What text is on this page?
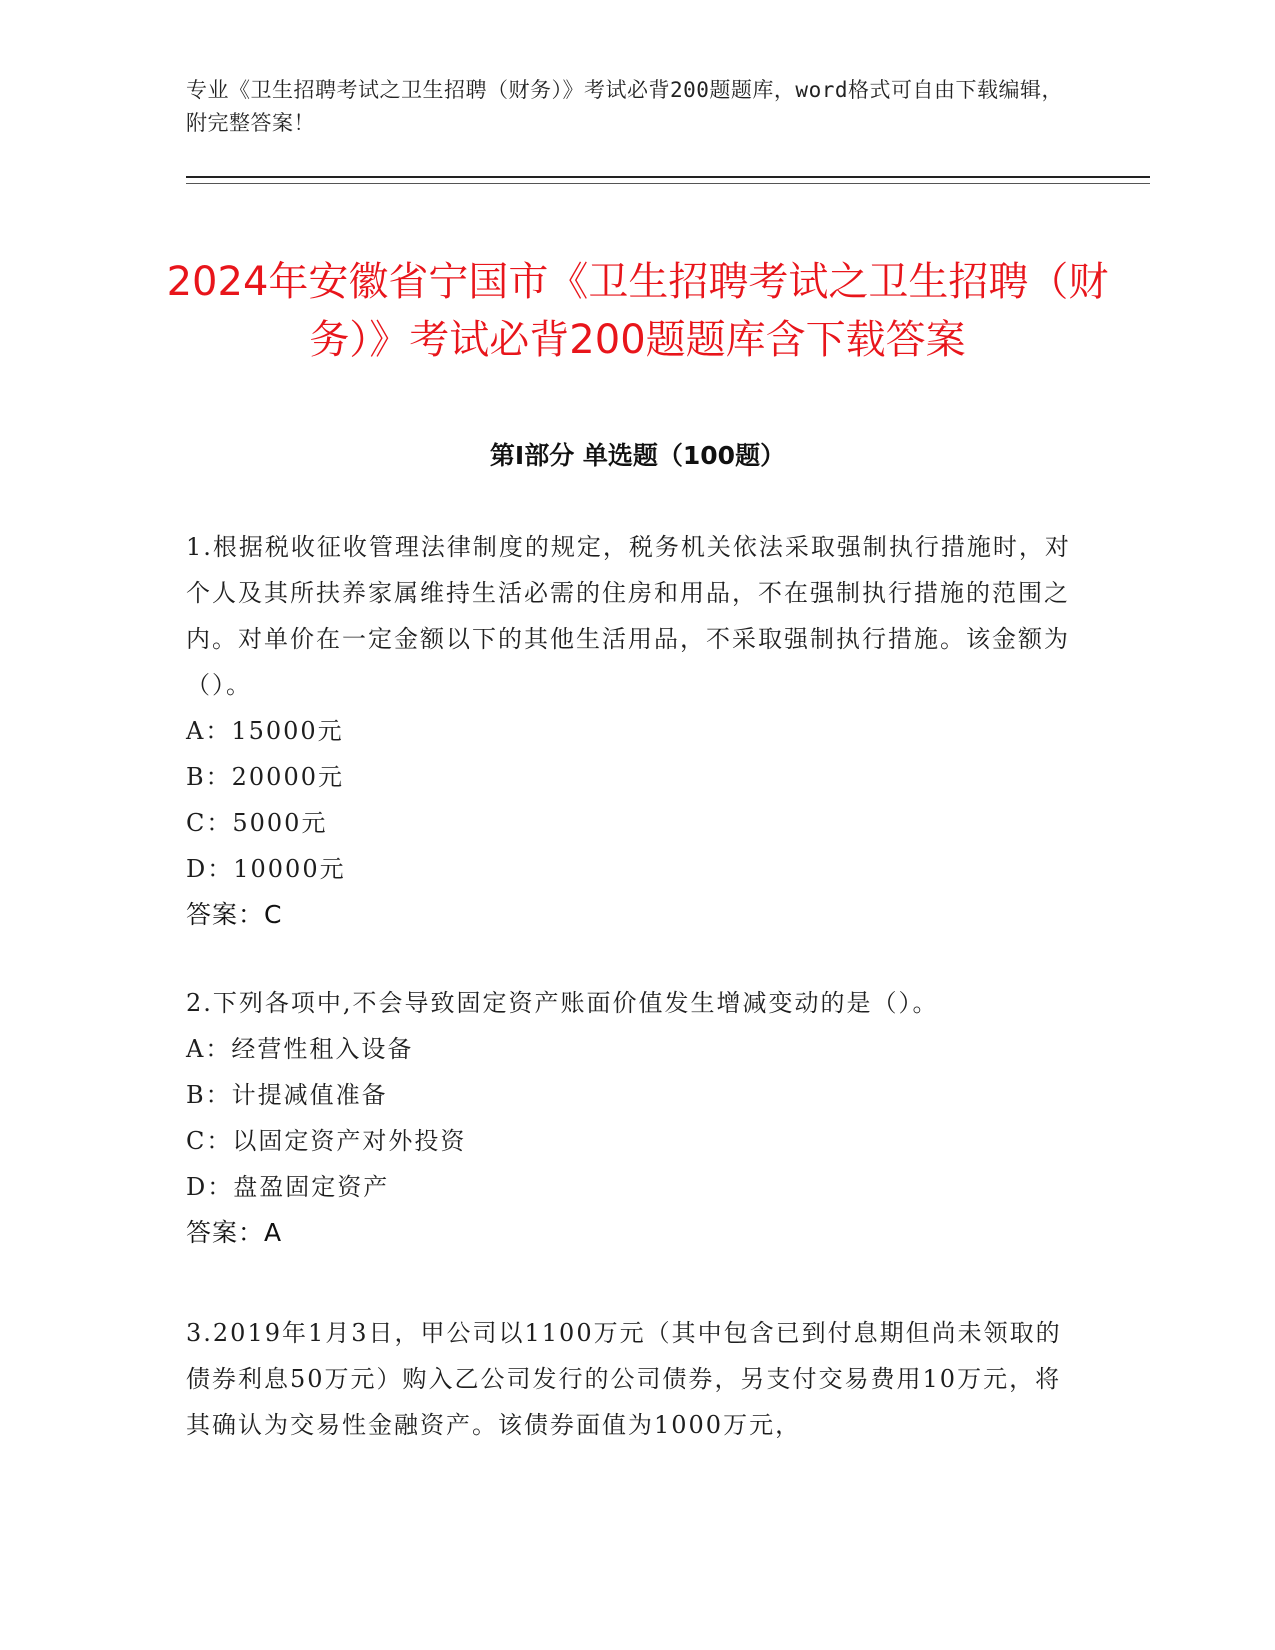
专业《卫生招聘考试之卫生招聘（财务）》考试必背200题题库，word格式可自由下载编辑，附完整答案！
2024年安徽省宁国市《卫生招聘考试之卫生招聘（财务）》考试必背200题题库含下载答案
第Ⅰ部分 单选题（100题）
1.根据税收征收管理法律制度的规定，税务机关依法采取强制执行措施时，对个人及其所扶养家属维持生活必需的住房和用品，不在强制执行措施的范围之内。对单价在一定金额以下的其他生活用品，不采取强制执行措施。该金额为（）。
A：15000元
B：20000元
C：5000元
D：10000元
答案：C
2.下列各项中,不会导致固定资产账面价值发生增减变动的是（）。
A：经营性租入设备
B：计提减值准备
C：以固定资产对外投资
D：盘盈固定资产
答案：A
3.2019年1月3日，甲公司以1100万元（其中包含已到付息期但尚未领取的债券利息50万元）购入乙公司发行的公司债券，另支付交易费用10万元，将其确认为交易性金融资产。该债券面值为1000万元，
